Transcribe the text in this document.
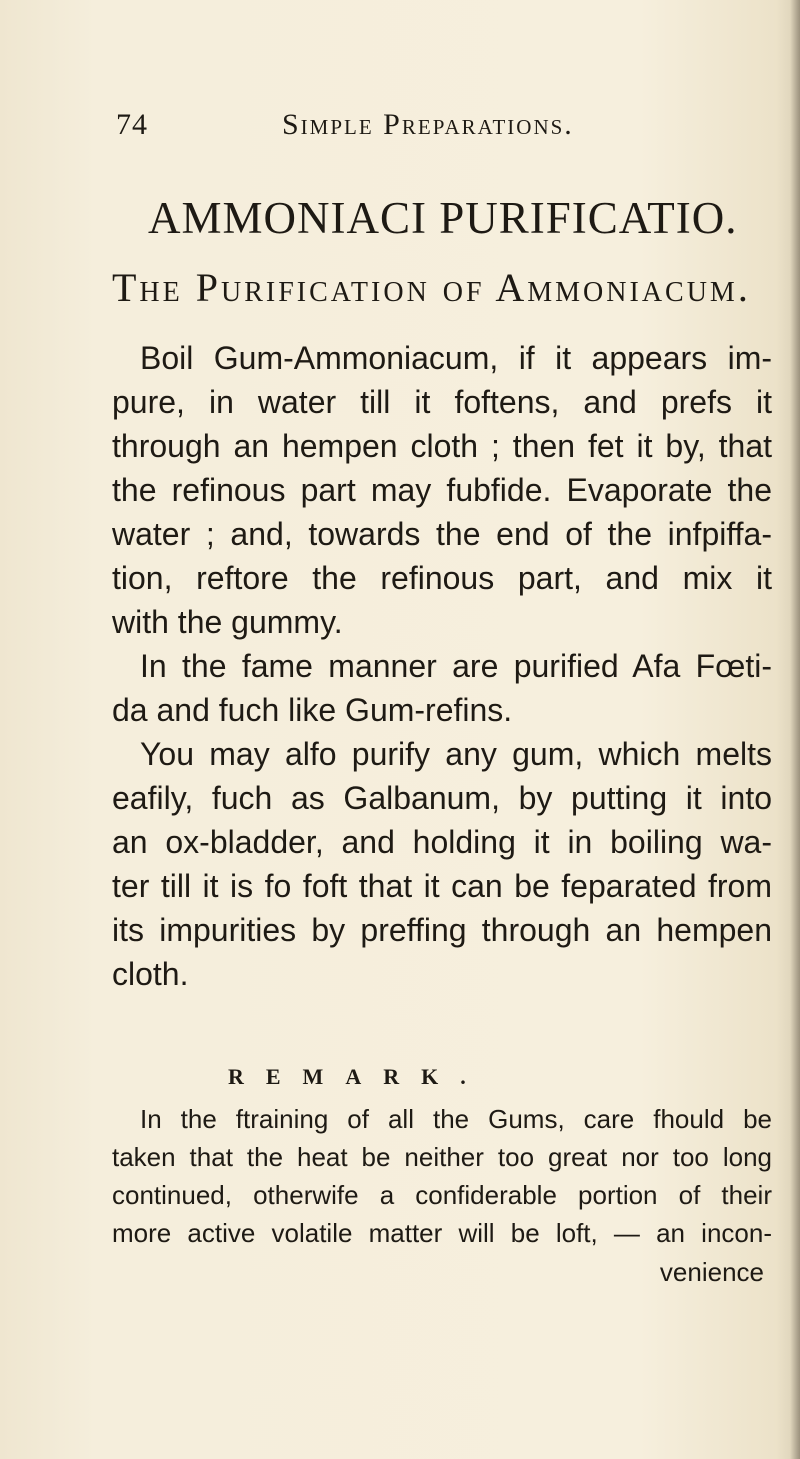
74	Simple Preparations.
AMMONIACI PURIFICATIO.
The Purification of Ammoniacum.
Boil Gum-Ammoniacum, if it appears im-
pure, in water till it foftens, and prefs it
through an hempen cloth ; then fet it by, that
the refinous part may fubfide. Evaporate the
water ; and, towards the end of the infpiffa-
tion, reftore the refinous part, and mix it
with the gummy.
In the fame manner are purified Afa Fœti-
da and fuch like Gum-refins.
You may alfo purify any gum, which melts
eafily, fuch as Galbanum, by putting it into
an ox-bladder, and holding it in boiling wa-
ter till it is fo foft that it can be feparated from
its impurities by preffing through an hempen
cloth.
REMARK.
In the ftraining of all the Gums, care fhould be
taken that the heat be neither too great nor too long
continued, otherwife a confiderable portion of their
more active volatile matter will be loft, — an incon-
venience
